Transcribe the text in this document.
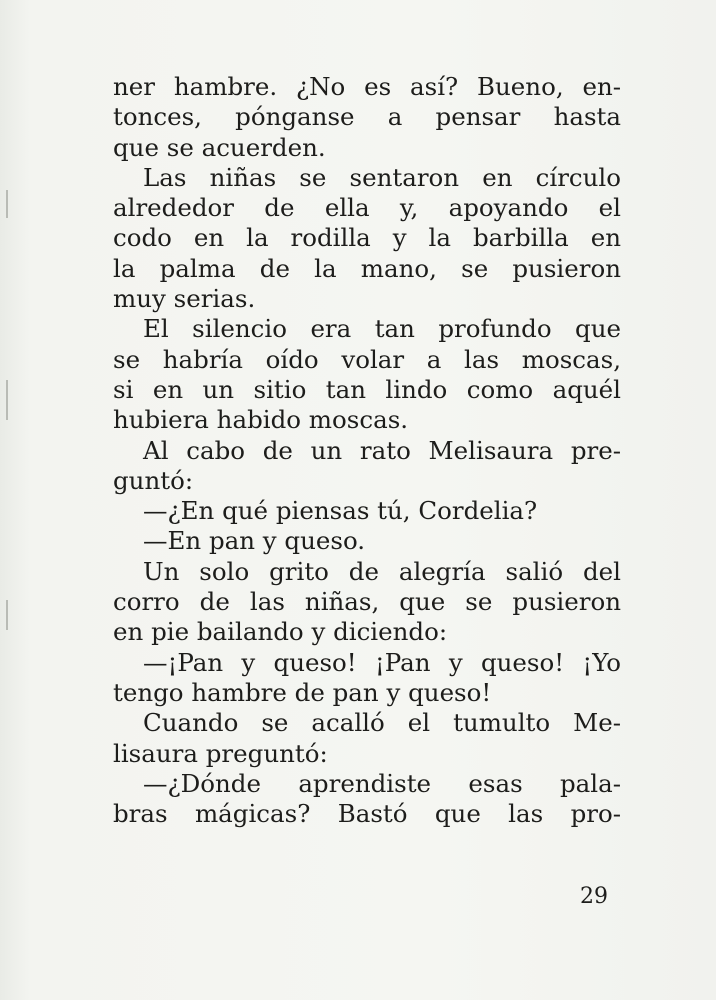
ner hambre. ¿No es así? Bueno, en-
tonces, pónganse a pensar hasta
que se acuerden.
Las niñas se sentaron en círculo
alrededor de ella y, apoyando el
codo en la rodilla y la barbilla en
la palma de la mano, se pusieron
muy serias.
El silencio era tan profundo que
se habría oído volar a las moscas,
si en un sitio tan lindo como aquél
hubiera habido moscas.
Al cabo de un rato Melisaura pre-
guntó:
—¿En qué piensas tú, Cordelia?
—En pan y queso.
Un solo grito de alegría salió del
corro de las niñas, que se pusieron
en pie bailando y diciendo:
—¡Pan y queso! ¡Pan y queso! ¡Yo
tengo hambre de pan y queso!
Cuando se acalló el tumulto Me-
lisaura preguntó:
—¿Dónde aprendiste esas pala-
bras mágicas? Bastó que las pro-
29
